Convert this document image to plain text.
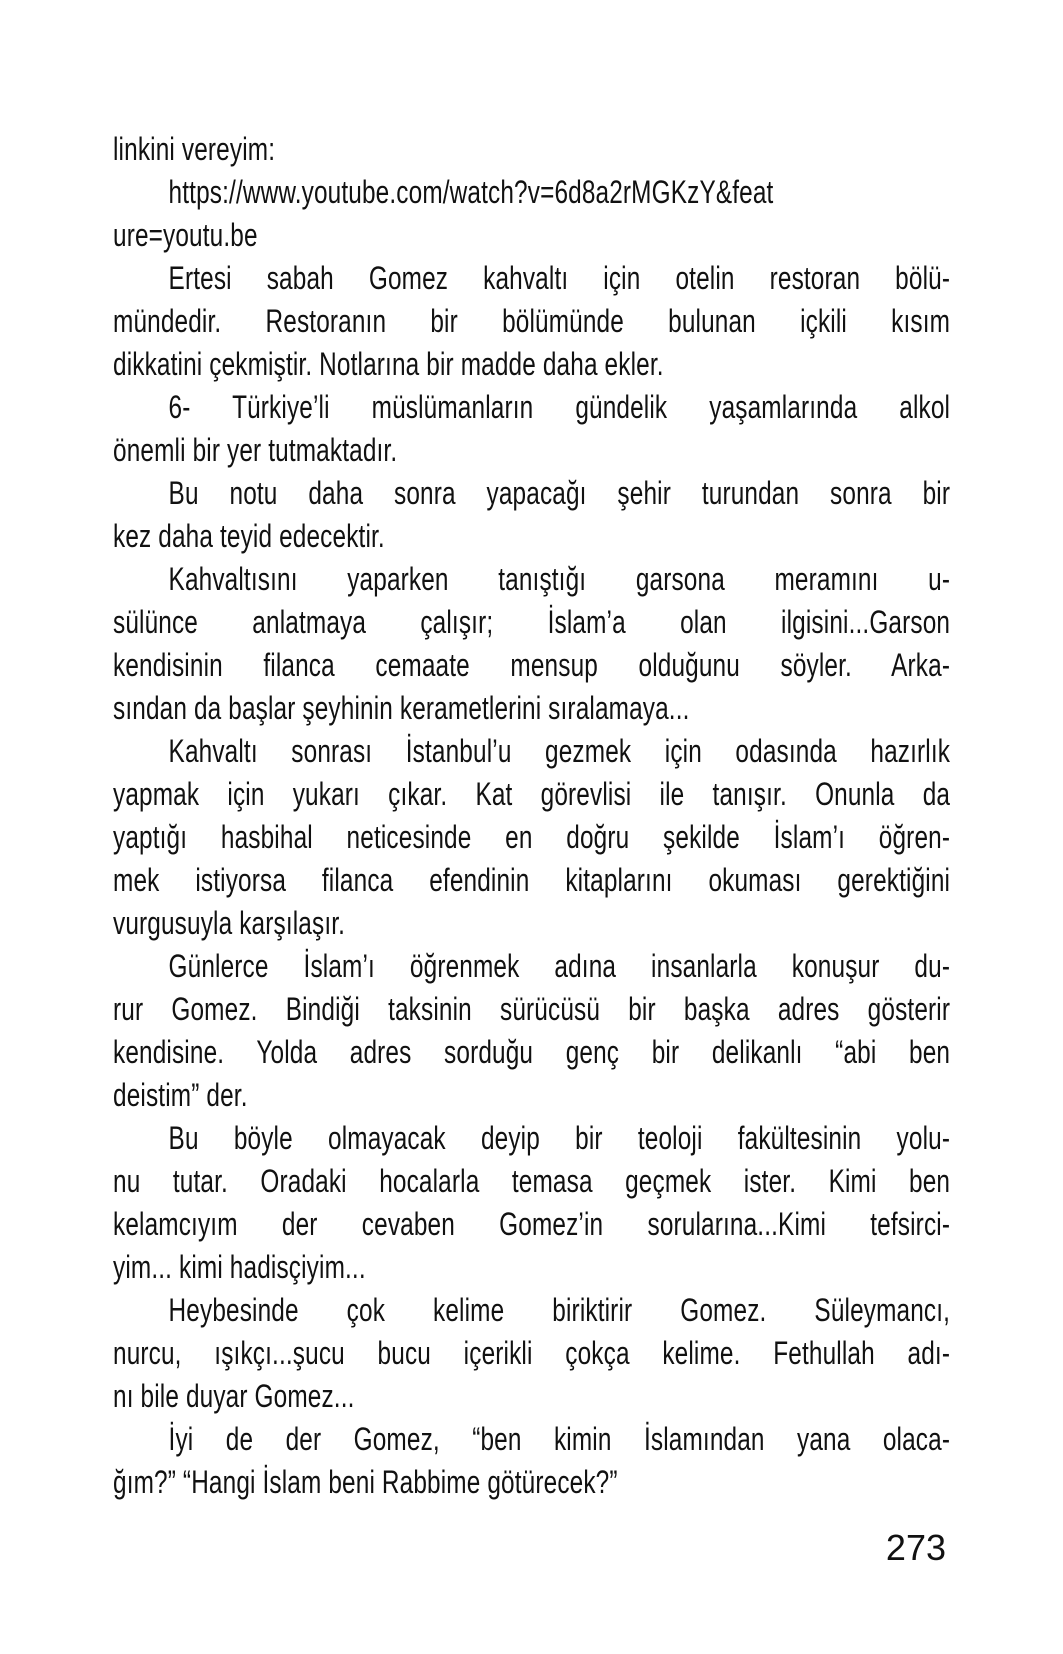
linkini vereyim:
https://www.youtube.com/watch?v=6d8a2rMGKzY&feat
ure=youtu.be
Ertesi sabah Gomez kahvaltı için otelin restoran bölü-
mündedir. Restoranın bir bölümünde bulunan içkili kısım
dikkatini çekmiştir. Notlarına bir madde daha ekler.
6- Türkiye’li müslümanların gündelik yaşamlarında alkol
önemli bir yer tutmaktadır.
Bu notu daha sonra yapacağı şehir turundan sonra bir
kez daha teyid edecektir.
Kahvaltısını yaparken tanıştığı garsona meramını u-
sülünce anlatmaya çalışır; İslam’a olan ilgisini...Garson
kendisinin filanca cemaate mensup olduğunu söyler. Arka-
sından da başlar şeyhinin kerametlerini sıralamaya...
Kahvaltı sonrası İstanbul’u gezmek için odasında hazırlık
yapmak için yukarı çıkar. Kat görevlisi ile tanışır. Onunla da
yaptığı hasbihal neticesinde en doğru şekilde İslam’ı öğren-
mek istiyorsa filanca efendinin kitaplarını okuması gerektiğini
vurgusuyla karşılaşır.
Günlerce İslam’ı öğrenmek adına insanlarla konuşur du-
rur Gomez. Bindiği taksinin sürücüsü bir başka adres gösterir
kendisine. Yolda adres sorduğu genç bir delikanlı “abi ben
deistim” der.
Bu böyle olmayacak deyip bir teoloji fakültesinin yolu-
nu tutar. Oradaki hocalarla temasa geçmek ister. Kimi ben
kelamcıyım der cevaben Gomez’in sorularına...Kimi tefsirci-
yim... kimi hadisçiyim...
Heybesinde çok kelime biriktirir Gomez. Süleymancı,
nurcu, ışıkçı...şucu bucu içerikli çokça kelime. Fethullah adı-
nı bile duyar Gomez...
İyi de der Gomez, “ben kimin İslamından yana olaca-
ğım?” “Hangi İslam beni Rabbime götürecek?”
273
